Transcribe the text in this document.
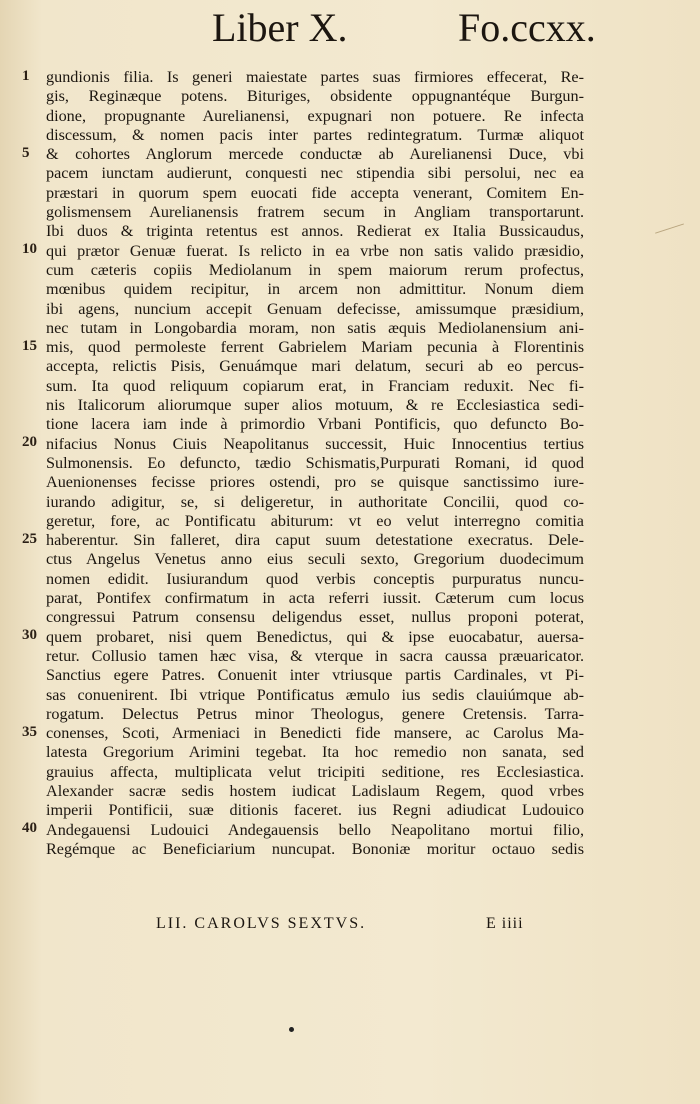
Liber X.	Fo.ccxx.
1
5
10
15
20
25
30
35
40
gundionis filia. Is generi maiestate partes suas firmiores effecerat, Re-
gis, Reginæque potens. Bituriges, obsidente oppugnantéque Burgun-
dione, propugnante Aurelianensi, expugnari non potuere. Re infecta
discessum, & nomen pacis inter partes redintegratum. Turmæ aliquot
& cohortes Anglorum mercede conductæ ab Aurelianensi Duce, vbi
pacem iunctam audierunt, conquesti nec stipendia sibi persolui, nec ea
præstari in quorum spem euocati fide accepta venerant, Comitem En-
golismensem Aurelianensis fratrem secum in Angliam transportarunt.
Ibi duos & triginta retentus est annos. Redierat ex Italia Bussicaudus,
qui prætor Genuæ fuerat. Is relicto in ea vrbe non satis valido præsidio,
cum cæteris copiis Mediolanum in spem maiorum rerum profectus,
mœnibus quidem recipitur, in arcem non admittitur. Nonum diem
ibi agens, nuncium accepit Genuam defecisse, amissumque præsidium,
nec tutam in Longobardia moram, non satis æquis Mediolanensium ani-
mis, quod permoleste ferrent Gabrielem Mariam pecunia à Florentinis
accepta, relictis Pisis, Genuámque mari delatum, securi ab eo percus-
sum. Ita quod reliquum copiarum erat, in Franciam reduxit. Nec fi-
nis Italicorum aliorumque super alios motuum, & re Ecclesiastica sedi-
tione lacera iam inde à primordio Vrbani Pontificis, quo defuncto Bo-
nifacius Nonus Ciuis Neapolitanus successit, Huic Innocentius tertius
Sulmonensis. Eo defuncto, tædio Schismatis,Purpurati Romani, id quod
Auenionenses fecisse priores ostendi, pro se quisque sanctissimo iure-
iurando adigitur, se, si deligeretur, in authoritate Concilii, quod co-
geretur, fore, ac Pontificatu abiturum: vt eo velut interregno comitia
haberentur. Sin falleret, dira caput suum detestatione execratus. Dele-
ctus Angelus Venetus anno eius seculi sexto, Gregorium duodecimum
nomen edidit. Iusiurandum quod verbis conceptis purpuratus nuncu-
parat, Pontifex confirmatum in acta referri iussit. Cæterum cum locus
congressui Patrum consensu deligendus esset, nullus proponi poterat,
quem probaret, nisi quem Benedictus, qui & ipse euocabatur, auersa-
retur. Collusio tamen hæc visa, & vterque in sacra caussa præuaricator.
Sanctius egere Patres. Conuenit inter vtriusque partis Cardinales, vt Pi-
sas conuenirent. Ibi vtrique Pontificatus æmulo ius sedis clauiúmque ab-
rogatum. Delectus Petrus minor Theologus, genere Cretensis. Tarra-
conenses, Scoti, Armeniaci in Benedicti fide mansere, ac Carolus Ma-
latesta Gregorium Arimini tegebat. Ita hoc remedio non sanata, sed
grauius affecta, multiplicata velut tricipiti seditione, res Ecclesiastica.
Alexander sacræ sedis hostem iudicat Ladislaum Regem, quod vrbes
imperii Pontificii, suæ ditionis faceret. ius Regni adiudicat Ludouico
Andegauensi Ludouici Andegauensis bello Neapolitano mortui filio,
Regémque ac Beneficiarium nuncupat. Bononiæ moritur octauo sedis
LII. CAROLVS SEXTVS.	E iiii
